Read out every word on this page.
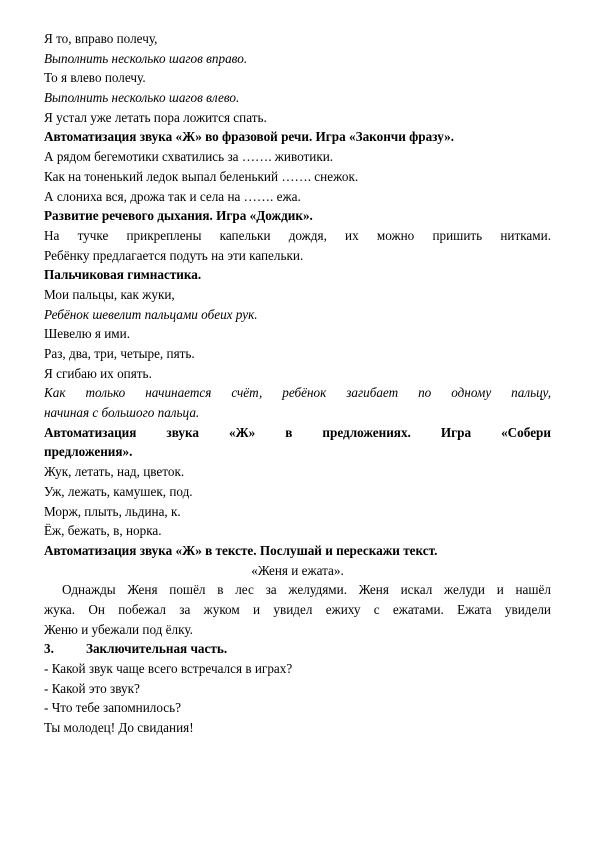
Я то, вправо полечу,
Выполнить несколько шагов вправо.
То я влево полечу.
Выполнить несколько шагов влево.
Я устал уже летать пора ложится спать.
Автоматизация звука «Ж» во фразовой речи. Игра «Закончи фразу».
А рядом бегемотики схватились за ……. животики.
Как на тоненький ледок выпал беленький ……. снежок.
А слониха вся, дрожа так и села на ……. ежа.
Развитие речевого дыхания. Игра «Дождик».
На тучке прикреплены капельки дождя, их можно пришить нитками.
Ребёнку предлагается подуть на эти капельки.
Пальчиковая гимнастика.
Мои пальцы, как жуки,
Ребёнок шевелит пальцами обеих рук.
Шевелю я ими.
Раз, два, три, четыре, пять.
Я сгибаю их опять.
Как только начинается счёт, ребёнок загибает по одному пальцу,
начиная с большого пальца.
Автоматизация звука «Ж» в предложениях. Игра «Собери
предложения».
Жук, летать, над, цветок.
Уж, лежать, камушек, под.
Морж, плыть, льдина, к.
Ёж, бежать, в, норка.
Автоматизация звука «Ж» в тексте. Послушай и перескажи текст.
«Женя и ежата».
Однажды Женя пошёл в лес за желудями. Женя искал желуди и нашёл
жука. Он побежал за жуком и увидел ежиху с ежатами. Ежата увидели
Женю и убежали под ёлку.
3. Заключительная часть.
- Какой звук чаще всего встречался в играх?
- Какой это звук?
- Что тебе запомнилось?
Ты молодец! До свидания!
